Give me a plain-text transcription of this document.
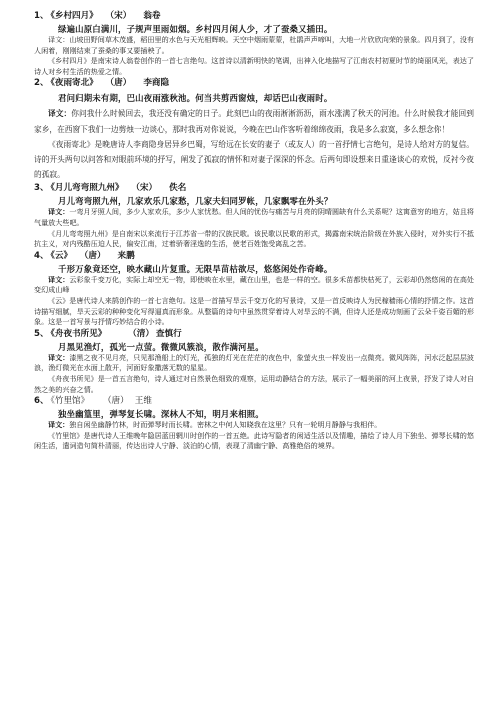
1、 《乡村四月》 （宋） 翁卷
绿遍山原白满川，子规声里雨如烟。乡村四月闲人少，才了蚕桑又插田。

译文：山坡田野间草木茂盛，稻田里的水色与天光相辉映。天空中烟雨蒙蒙，杜鹃声声啼叫，大地一片欣欣向荣的景象。四月到了，没有人闲着，刚刚结束了蚕桑的事又要插秧了。

《乡村四月》是南宋诗人翁卷创作的一首七言绝句。这首诗以清新明快的笔调，出神入化地描写了江南农村初夏时节的绮丽风光，表达了诗人对乡村生活的热爱之情。

2、 《夜雨寄北》 （唐） 李商隐
君问归期未有期，巴山夜雨涨秋池。何当共剪西窗烛，却话巴山夜雨时。

译文：你问我什么时候回去，我还没有确定的日子。此刻巴山的夜雨淅淅沥沥，雨水涨满了秋天的河池。什么时候我才能回到家乡，在西窗下我们一边剪烛一边谈心，那时我再对你说说，今晚在巴山作客听着绵绵夜雨，我是多么寂寞，多么想念你！

《夜雨寄北》是晚唐诗人李商隐身居异乡巴蜀，写给远在长安的妻子（或友人）的一首抒情七言绝句，是诗人给对方的复信。诗的开头两句以问答和对眼前环境的抒写，阐发了孤寂的情怀和对妻子深深的怀念。后两句即设想来日重逢谈心的欢悦，反衬今夜的孤寂。

3、 《月儿弯弯照九州》 （宋） 佚名
月儿弯弯照九州，几家欢乐几家愁，几家夫妇同罗帐，几家飘零在外头？

译文：一弯月牙照人间，多少人家欢乐，多少人家忧愁。但人间的忧伤与痛苦与月亮的阴晴圆缺有什么关系呢？这寓意穷的地方，姑且将气量放大些吧。

《月儿弯弯照九州》是自南宋以来流行于江苏省一带的汉族民歌。该民歌以民歌的形式，揭露南宋统治阶级在外族入侵时，对外实行不抵抗主义，对内残酷压迫人民，偏安江南，过着骄奢淫逸的生活，使老百姓饱受离乱之苦。

4、 《云》 （唐） 来鹏
千形万象竟还空，映水藏山片复重。无限旱苗枯欲尽，悠悠闲处作奇峰。

译文：云彩象千变万化，实际上却空无一物，即使映在水里，藏在山里，也是一样的空。很多禾苗都快枯死了，云彩却仍然悠闲的在高处变幻成山峰

《云》是唐代诗人来鹄创作的一首七言绝句。这是一首描写旱云千变万化的写景诗，又是一首反映诗人为民稼穑雨心情的抒情之作。这首诗描写细腻，旱天云彩的种种变化写得逼真而形象。从整篇的诗句中虽然贯穿着诗人对旱云的不满，但诗人还是成功刻画了云朵千姿百媚的形象。这是一首写景与抒情巧妙结合的小诗。

5、 《舟夜书所见》	（清） 查慎行
月黑见渔灯，孤光一点萤。微微风簇浪，散作满河星。

译文：漆黑之夜不见月亮，只见那渔船上的灯光，孤独的灯光在茫茫的夜色中，象萤火虫一样发出一点微亮。微风阵阵，河水泛起层层波浪，渔灯微光在水面上散开，河面好象撒落无数的星星。

《舟夜书所见》是一首五言绝句，诗人通过对自然景色细致的观察，运用动静结合的方法，展示了一幅美丽的河上夜景，抒发了诗人对自然之美的兴奋之情。

6、 《竹里馆》 （唐） 王维
独坐幽篁里，弹琴复长啸。深林人不知，明月来相照。

译文：独自闲坐幽静竹林，时而弹琴时而长啸。密林之中何人知晓我在这里？只有一轮明月静静与我相伴。

《竹里馆》是唐代诗人王维晚年隐居蓝田辋川时创作的一首五绝。此诗写隐者的闲适生活以及情趣，描绘了诗人月下独坐、弹琴长啸的悠闲生活，遣词造句简朴清丽，传达出诗人宁静、淡泊的心情，表现了清幽宁静、高雅绝俗的境界。
